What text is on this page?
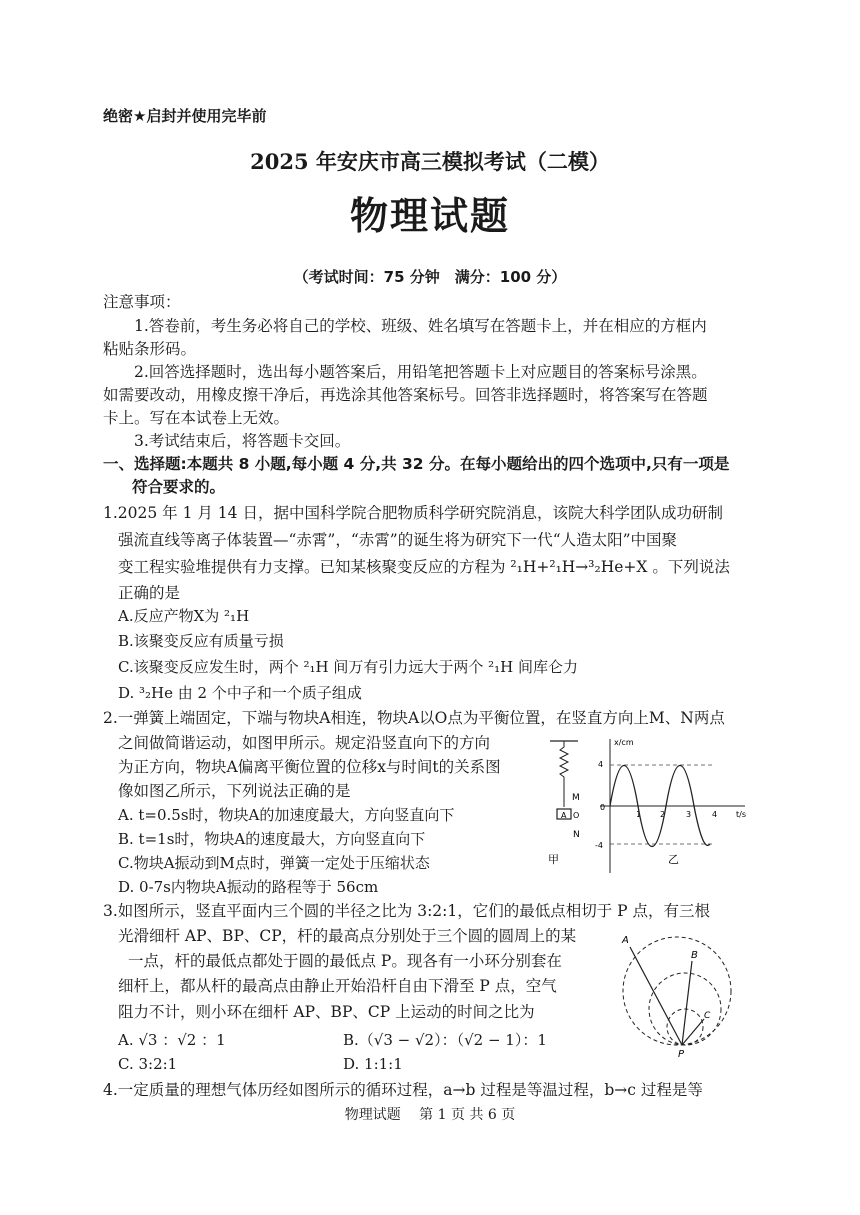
绝密★启封并使用完毕前
2025 年安庆市高三模拟考试（二模）
物理试题
（考试时间：75 分钟　满分：100 分）
注意事项：
1.答卷前，考生务必将自己的学校、班级、姓名填写在答题卡上，并在相应的方框内
粘贴条形码。
2.回答选择题时，选出每小题答案后，用铅笔把答题卡上对应题目的答案标号涂黑。
如需要改动，用橡皮擦干净后，再选涂其他答案标号。回答非选择题时，将答案写在答题
卡上。写在本试卷上无效。
3.考试结束后，将答题卡交回。
一、选择题:本题共 8 小题,每小题 4 分,共 32 分。在每小题给出的四个选项中,只有一项是
符合要求的。
1.2025 年 1 月 14 日，据中国科学院合肥物质科学研究院消息，该院大科学团队成功研制
强流直线等离子体装置—“赤霄”，“赤霄”的诞生将为研究下一代“人造太阳”中国聚
变工程实验堆提供有力支撑。已知某核聚变反应的方程为 ²₁H+²₁H→³₂He+X 。下列说法
正确的是
A.反应产物X为 ²₁H
B.该聚变反应有质量亏损
C.该聚变反应发生时，两个 ²₁H 间万有引力远大于两个 ²₁H 间库仑力
D. ³₂He 由 2 个中子和一个质子组成
2.一弹簧上端固定，下端与物块A相连，物块A以O点为平衡位置，在竖直方向上M、N两点
之间做简谐运动，如图甲所示。规定沿竖直向下的方向
为正方向，物块A偏离平衡位置的位移x与时间t的关系图
像如图乙所示，下列说法正确的是
A. t=0.5s时，物块A的加速度最大，方向竖直向下
B. t=1s时，物块A的速度最大，方向竖直向下
C.物块A振动到M点时，弹簧一定处于压缩状态
D. 0-7s内物块A振动的路程等于 56cm
M
A O
N
甲
x/cm
t/s
4
0
-4
1 2	3	4
乙
3.如图所示，竖直平面内三个圆的半径之比为 3:2:1，它们的最低点相切于 P 点，有三根
光滑细杆 AP、BP、CP，杆的最高点分别处于三个圆的圆周上的某
一点，杆的最低点都处于圆的最低点 P。现各有一小环分别套在
细杆上，都从杆的最高点由静止开始沿杆自由下滑至 P 点，空气
阻力不计，则小环在细杆 AP、BP、CP 上运动的时间之比为
A. √3 ：√2 ：1	B.（√3 − √2）：（√2 − 1）：1
C. 3:2:1	D. 1:1:1
A
B
C
P
4.一定质量的理想气体历经如图所示的循环过程，a→b 过程是等温过程，b→c 过程是等
物理试题　 第 1 页 共 6 页
